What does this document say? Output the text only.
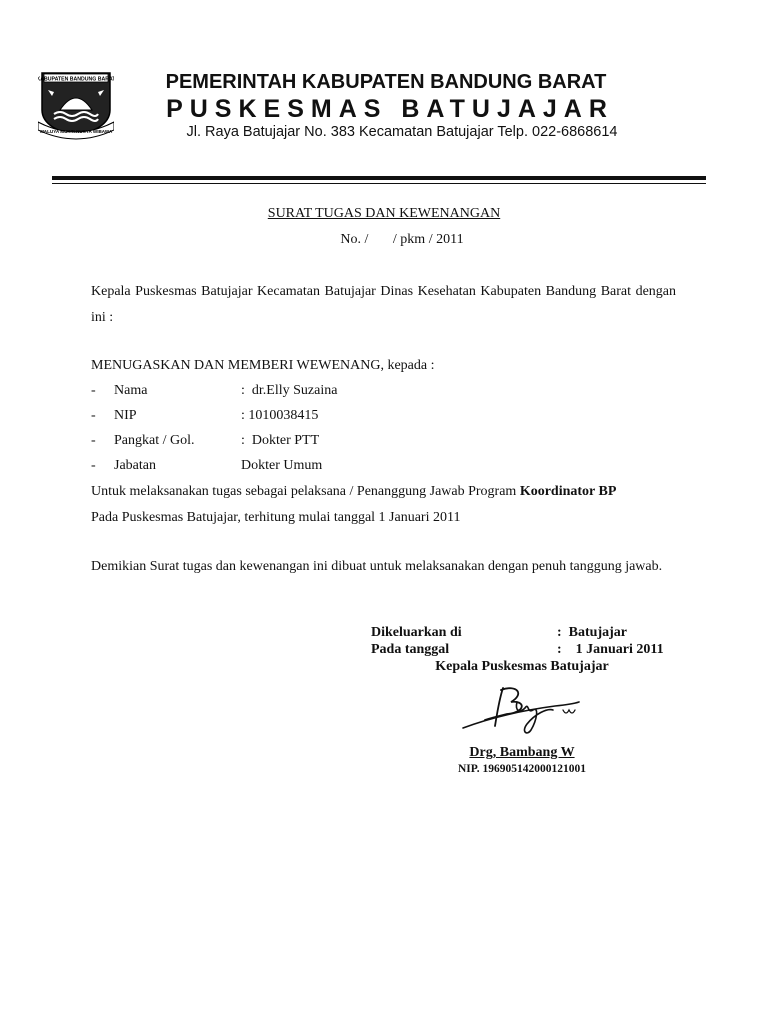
KABUPATEN BANDUNG BARAT
WALUYA MUKTI NUSYA WIBAWA
PEMERINTAH KABUPATEN BANDUNG BARAT
PUSKESMAS BATUJAJAR
Jl. Raya Batujajar No. 383 Kecamatan Batujajar Telp. 022-6868614
SURAT TUGAS DAN KEWENANGAN
No. /       / pkm / 2011
Kepala Puskesmas Batujajar Kecamatan Batujajar Dinas Kesehatan Kabupaten Bandung Barat dengan ini :
MENUGASKAN DAN MEMBERI WEWENANG, kepada :
- Nama	:  dr.Elly Suzaina
- NIP	: 1010038415
- Pangkat / Gol.	:  Dokter PTT
- Jabatan	Dokter Umum
Untuk melaksanakan tugas sebagai pelaksana / Penanggung Jawab Program Koordinator BP
Pada Puskesmas Batujajar, terhitung mulai tanggal 1 Januari 2011
Demikian Surat tugas dan kewenangan ini dibuat untuk melaksanakan dengan penuh tanggung jawab.
Dikeluarkan di	:  Batujajar
Pada tanggal	:    1 Januari 2011
Kepala Puskesmas Batujajar
Drg, Bambang W
NIP. 196905142000121001
